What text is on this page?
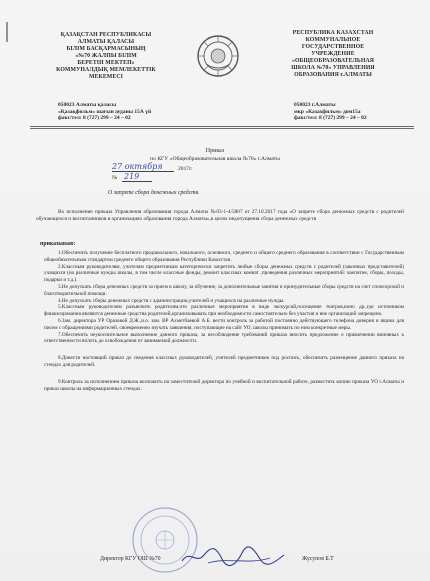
ҚАЗАҚСТАН РЕСПУБЛИКАСЫ
АЛМАТЫ ҚАЛАСЫ
БІЛІМ БАСҚАРМАСЫНЫҢ
«№70 ЖАЛПЫ БІЛІМ
БЕРЕТІН МЕКТЕП»
КОММУНАЛДЫҚ МЕМЛЕКЕТТІК
МЕКЕМЕСІ
РЕСПУБЛИКА КАЗАХСТАН
КОММУНАЛЬНОЕ
ГОСУДАРСТВЕННОЕ
УЧРЕЖДЕНИЕ
«ОБЩЕОБРАЗОВАТЕЛЬНАЯ
ШКОЛА №70» УПРАВЛЕНИЯ
ОБРАЗОВАНИЯ г.АЛМАТЫ
050023 Алматы қаласы
«Қазақфильм» шағын ауданы 15А үй
факс/тел: 8 (727) 299 – 24 – 02
050023 г.Алматы
мкр «Казахфильм» дом15а
факс/тел: 8 (727) 299 – 24 – 02
Приказ
по КГУ «Общеобразовательная школа №70» г.Алматы
27 октября	2017г.
№ 219
О запрете сбора денежных средств.
Во исполнение приказа Управления образования города Алматы №03-1-4/5807 от 27.10.2017 года «О запрете сбора денежных средств с родителей обучающихся и воспитанников в организациях образования города Алматы»,в целях недопущения сбора денежных средств
приказываю:

1.Обеспечить получение бесплатного предшкольного, начального, основного, среднего и общего среднего образования в соответствии с Государственным общеобязательным стандартом среднего общего образования Республики Казахстан.

2.Классным руководителям, учителям предметникам категорически запретить любые сборы денежных средств с родителей (законных представителей) учащихся (на различные нужды школы, в том числе классные фонды, ремонт классных комнат ,проведения различных мероприятий: чаепитие, сборы, походы, подарки и т.д.).

3.Не допускать сбора денежных средств за прием в школу, за обучение, за дополнительные занятия и принудительные сборы средств на счет спонсорской и благотворительной помощи.

4.Не допускать сборы денежных средств с администрации,учителей и учащихся на различные нужды.

5.Классным руководителям разъяснить родителям,что различные мероприятия в виде экскурсий,посещение театров,кино др.,где источником финансирования являются денежные средства родителей,организовывать при необходимости самостоятельно без участия и вне организаций запрещено.

6.Зам. директора УР Оразовой Д.Ж.,и.о. зам. ВР Ахметбаевой А.Б. вести контроль за работой постоянно действующего телефона доверия и ящика для писем с обращениями родителей, своевременно изучать заявления, поступающие на сайт УО, школы принимать по ним конкретные меры.

7.Обеспечить неукоснительное выполнение данного приказа, за несоблюдение требований приказа вносить предложение о привлечении виновных к ответственности вплоть до освобождения от занимаемой должности.

8.Довести настоящий приказ до сведения классных руководителей, учителей предметников под роспись, обеспечить размещение данного приказа на стендах для родителей.

9.Контроль за исполнением приказа возложить на заместителей директора по учебной и воспитательной работе, разместить копию приказа УО г.Алматы и приказ школы на информационных стендах.

Директор КГУ ОШ №70	Жусупов Б.Т
